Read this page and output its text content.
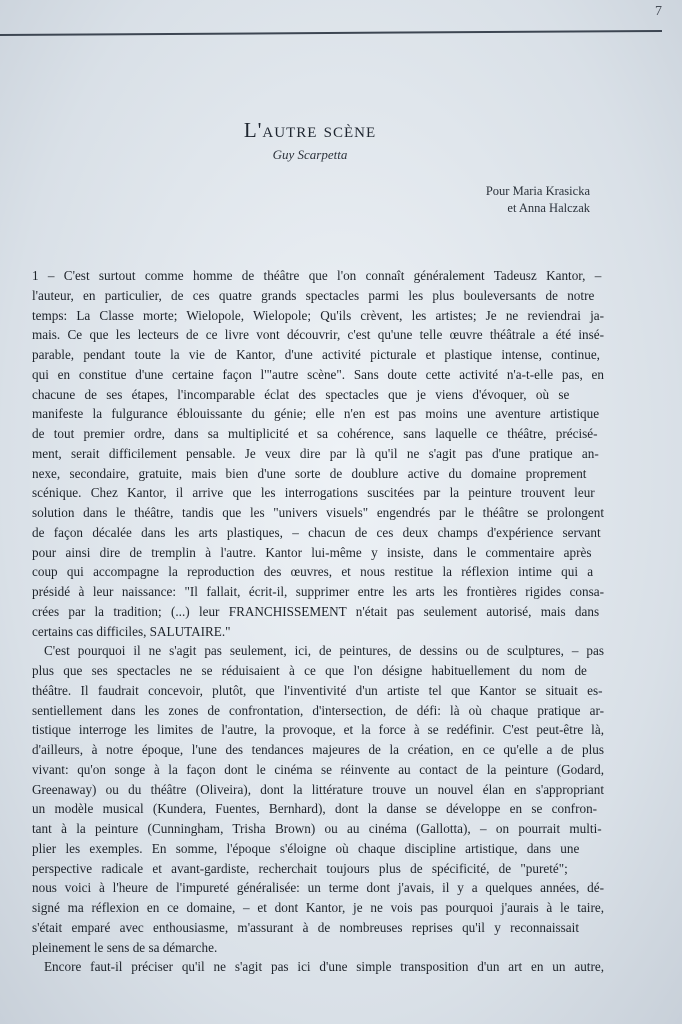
7
L'autre scène
Guy Scarpetta
Pour Maria Krasicka
et Anna Halczak
1 – C'est surtout comme homme de théâtre que l'on connaît généralement Tadeusz Kantor, –
l'auteur, en particulier, de ces quatre grands spectacles parmi les plus bouleversants de notre
temps: La Classe morte; Wielopole, Wielopole; Qu'ils crèvent, les artistes; Je ne reviendrai ja-
mais. Ce que les lecteurs de ce livre vont découvrir, c'est qu'une telle œuvre théâtrale a été insé-
parable, pendant toute la vie de Kantor, d'une activité picturale et plastique intense, continue,
qui en constitue d'une certaine façon l'"autre scène". Sans doute cette activité n'a-t-elle pas, en
chacune de ses étapes, l'incomparable éclat des spectacles que je viens d'évoquer, où se
manifeste la fulgurance éblouissante du génie; elle n'en est pas moins une aventure artistique
de tout premier ordre, dans sa multiplicité et sa cohérence, sans laquelle ce théâtre, précisé-
ment, serait difficilement pensable. Je veux dire par là qu'il ne s'agit pas d'une pratique an-
nexe, secondaire, gratuite, mais bien d'une sorte de doublure active du domaine proprement
scénique. Chez Kantor, il arrive que les interrogations suscitées par la peinture trouvent leur
solution dans le théâtre, tandis que les "univers visuels" engendrés par le théâtre se prolongent
de façon décalée dans les arts plastiques, – chacun de ces deux champs d'expérience servant
pour ainsi dire de tremplin à l'autre. Kantor lui-même y insiste, dans le commentaire après
coup qui accompagne la reproduction des œuvres, et nous restitue la réflexion intime qui a
présidé à leur naissance: "Il fallait, écrit-il, supprimer entre les arts les frontières rigides consa-
crées par la tradition; (...) leur FRANCHISSEMENT n'était pas seulement autorisé, mais dans
certains cas difficiles, SALUTAIRE."
C'est pourquoi il ne s'agit pas seulement, ici, de peintures, de dessins ou de sculptures, – pas
plus que ses spectacles ne se réduisaient à ce que l'on désigne habituellement du nom de
théâtre. Il faudrait concevoir, plutôt, que l'inventivité d'un artiste tel que Kantor se situait es-
sentiellement dans les zones de confrontation, d'intersection, de défi: là où chaque pratique ar-
tistique interroge les limites de l'autre, la provoque, et la force à se redéfinir. C'est peut-être là,
d'ailleurs, à notre époque, l'une des tendances majeures de la création, en ce qu'elle a de plus
vivant: qu'on songe à la façon dont le cinéma se réinvente au contact de la peinture (Godard,
Greenaway) ou du théâtre (Oliveira), dont la littérature trouve un nouvel élan en s'appropriant
un modèle musical (Kundera, Fuentes, Bernhard), dont la danse se développe en se confron-
tant à la peinture (Cunningham, Trisha Brown) ou au cinéma (Gallotta), – on pourrait multi-
plier les exemples. En somme, l'époque s'éloigne où chaque discipline artistique, dans une
perspective radicale et avant-gardiste, recherchait toujours plus de spécificité, de "pureté";
nous voici à l'heure de l'impureté généralisée: un terme dont j'avais, il y a quelques années, dé-
signé ma réflexion en ce domaine, – et dont Kantor, je ne vois pas pourquoi j'aurais à le taire,
s'était emparé avec enthousiasme, m'assurant à de nombreuses reprises qu'il y reconnaissait
pleinement le sens de sa démarche.
Encore faut-il préciser qu'il ne s'agit pas ici d'une simple transposition d'un art en un autre,
